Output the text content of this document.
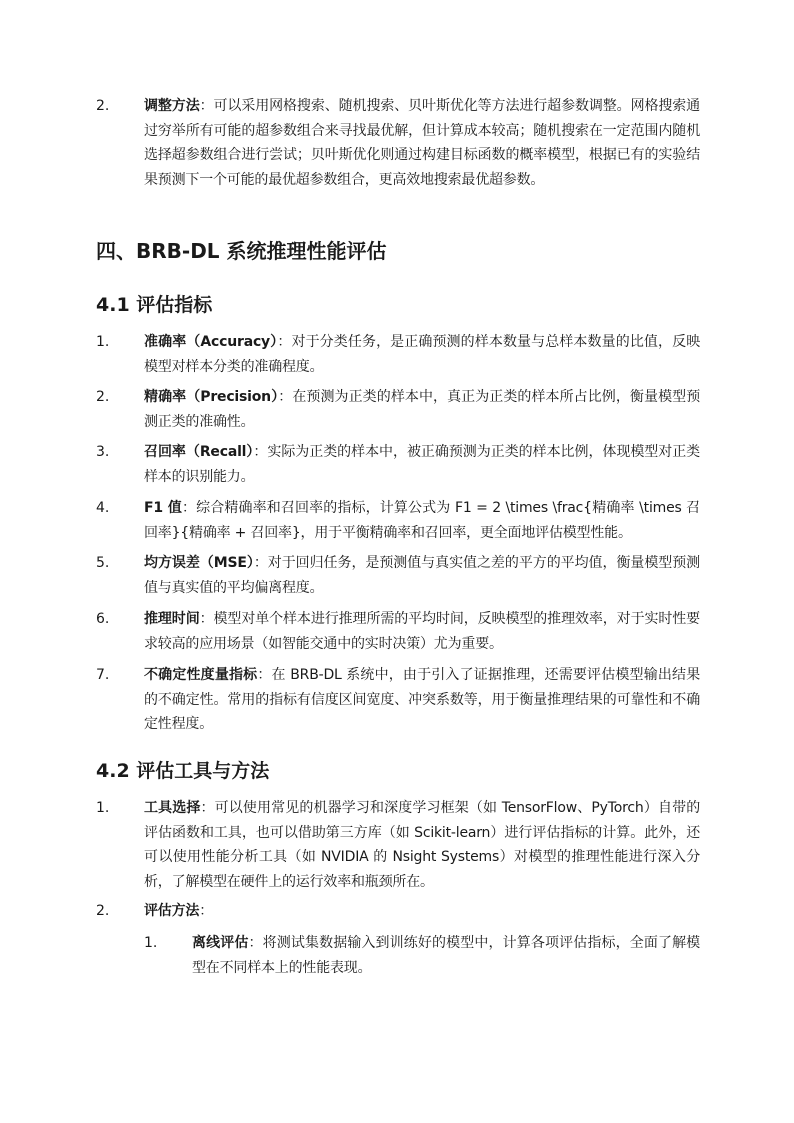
2. 调整方法：可以采用网格搜索、随机搜索、贝叶斯优化等方法进行超参数调整。网格搜索通过穷举所有可能的超参数组合来寻找最优解，但计算成本较高；随机搜索在一定范围内随机选择超参数组合进行尝试；贝叶斯优化则通过构建目标函数的概率模型，根据已有的实验结果预测下一个可能的最优超参数组合，更高效地搜索最优超参数。
四、BRB-DL 系统推理性能评估
4.1 评估指标
1. 准确率（Accuracy）：对于分类任务，是正确预测的样本数量与总样本数量的比值，反映模型对样本分类的准确程度。
2. 精确率（Precision）：在预测为正类的样本中，真正为正类的样本所占比例，衡量模型预测正类的准确性。
3. 召回率（Recall）：实际为正类的样本中，被正确预测为正类的样本比例，体现模型对正类样本的识别能力。
4. F1 值：综合精确率和召回率的指标，计算公式为 F1 = 2 \times \frac{精确率 \times 召回率}{精确率 + 召回率}，用于平衡精确率和召回率，更全面地评估模型性能。
5. 均方误差（MSE）：对于回归任务，是预测值与真实值之差的平方的平均值，衡量模型预测值与真实值的平均偏离程度。
6. 推理时间：模型对单个样本进行推理所需的平均时间，反映模型的推理效率，对于实时性要求较高的应用场景（如智能交通中的实时决策）尤为重要。
7. 不确定性度量指标：在 BRB-DL 系统中，由于引入了证据推理，还需要评估模型输出结果的不确定性。常用的指标有信度区间宽度、冲突系数等，用于衡量推理结果的可靠性和不确定性程度。
4.2 评估工具与方法
1. 工具选择：可以使用常见的机器学习和深度学习框架（如 TensorFlow、PyTorch）自带的评估函数和工具，也可以借助第三方库（如 Scikit-learn）进行评估指标的计算。此外，还可以使用性能分析工具（如 NVIDIA 的 Nsight Systems）对模型的推理性能进行深入分析，了解模型在硬件上的运行效率和瓶颈所在。
2. 评估方法：
1. 离线评估：将测试集数据输入到训练好的模型中，计算各项评估指标，全面了解模型在不同样本上的性能表现。
